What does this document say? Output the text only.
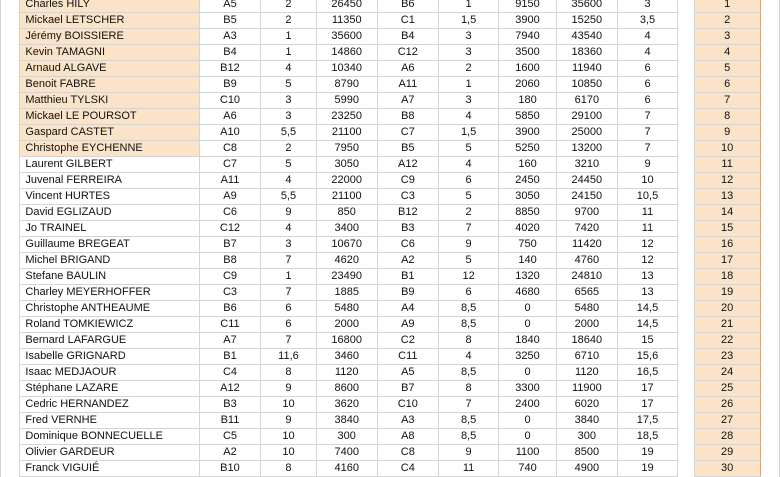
	Charles HILY	A5	2	26450	B6	1	9150	35600	3		1	
	Mickael LETSCHER	B5	2	11350	C1	1,5	3900	15250	3,5		2	
	Jérémy BOISSIERE	A3	1	35600	B4	3	7940	43540	4		3	
	Kevin TAMAGNI	B4	1	14860	C12	3	3500	18360	4		4	
	Arnaud ALGAVE	B12	4	10340	A6	2	1600	11940	6		5	
	Benoit FABRE	B9	5	8790	A11	1	2060	10850	6		6	
	Matthieu TYLSKI	C10	3	5990	A7	3	180	6170	6		7	
	Mickael LE POURSOT	A6	3	23250	B8	4	5850	29100	7		8	
	Gaspard CASTET	A10	5,5	21100	C7	1,5	3900	25000	7		9	
	Christophe EYCHENNE	C8	2	7950	B5	5	5250	13200	7		10	
	Laurent GILBERT	C7	5	3050	A12	4	160	3210	9		11	
	Juvenal FERREIRA	A11	4	22000	C9	6	2450	24450	10		12	
	Vincent HURTES	A9	5,5	21100	C3	5	3050	24150	10,5		13	
	David EGLIZAUD	C6	9	850	B12	2	8850	9700	11		14	
	Jo TRAINEL	C12	4	3400	B3	7	4020	7420	11		15	
	Guillaume BREGEAT	B7	3	10670	C6	9	750	11420	12		16	
	Michel BRIGAND	B8	7	4620	A2	5	140	4760	12		17	
	Stefane BAULIN	C9	1	23490	B1	12	1320	24810	13		18	
	Charley MEYERHOFFER	C3	7	1885	B9	6	4680	6565	13		19	
	Christophe ANTHEAUME	B6	6	5480	A4	8,5	0	5480	14,5		20	
	Roland TOMKIEWICZ	C11	6	2000	A9	8,5	0	2000	14,5		21	
	Bernard LAFARGUE	A7	7	16800	C2	8	1840	18640	15		22	
	Isabelle GRIGNARD	B1	11,6	3460	C11	4	3250	6710	15,6		23	
	Isaac MEDJAOUR	C4	8	1120	A5	8,5	0	1120	16,5		24	
	Stéphane LAZARE	A12	9	8600	B7	8	3300	11900	17		25	
	Cedric HERNANDEZ	B3	10	3620	C10	7	2400	6020	17		26	
	Fred VERNHE	B11	9	3840	A3	8,5	0	3840	17,5		27	
	Dominique BONNECUELLE	C5	10	300	A8	8,5	0	300	18,5		28	
	Olivier GARDEUR	A2	10	7400	C8	9	1100	8500	19		29	
	Franck VIGUIÉ	B10	8	4160	C4	11	740	4900	19		30	
